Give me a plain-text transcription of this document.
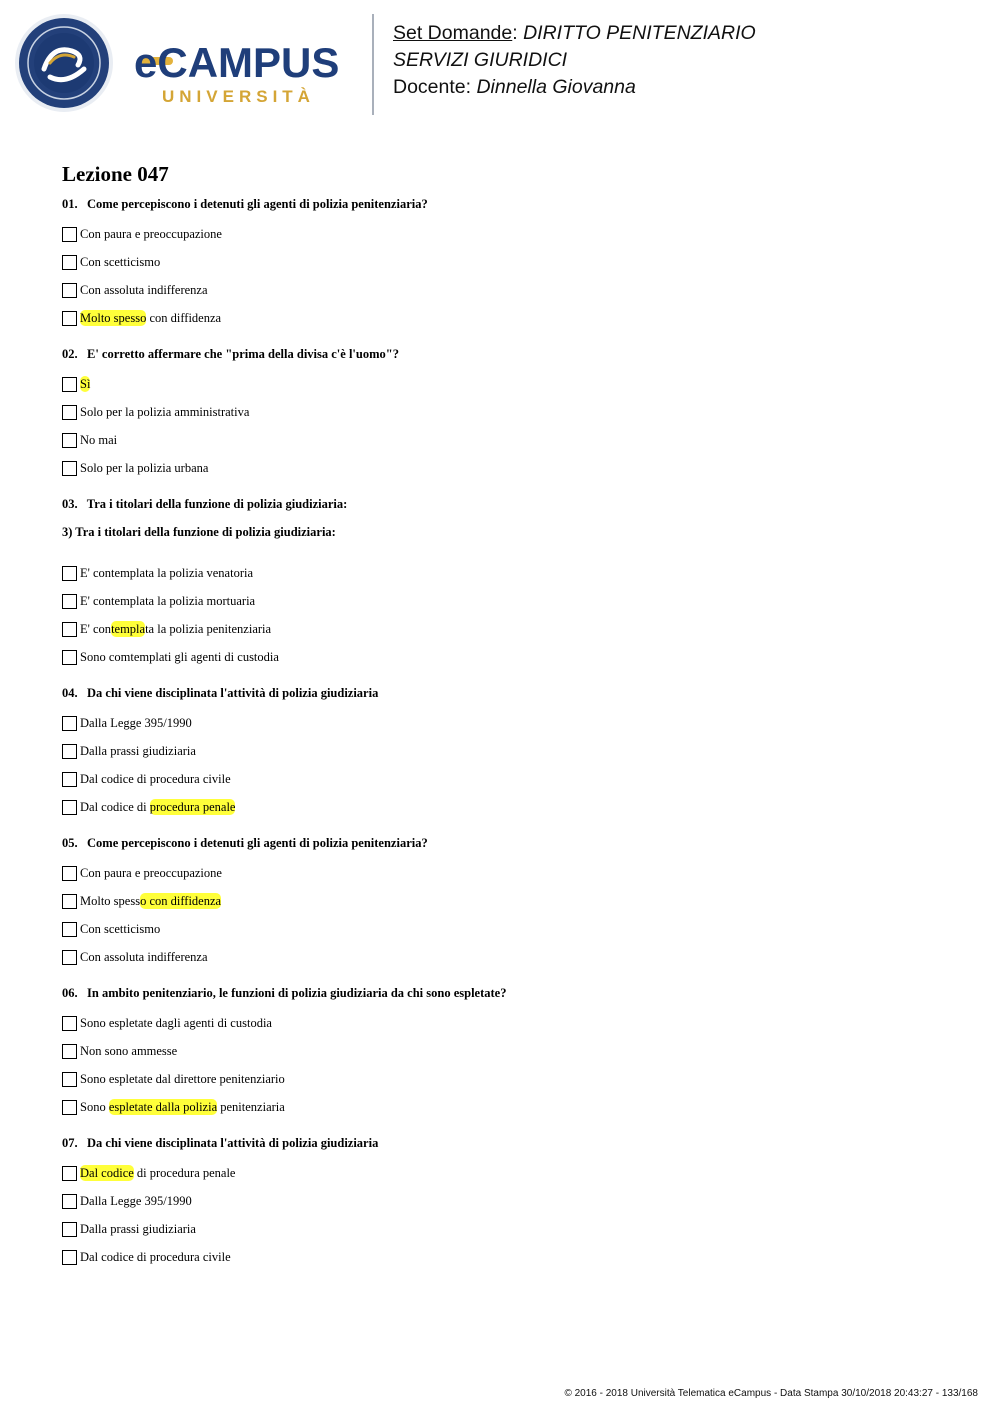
eCAMPUS
UNIVERSITÀ
Set Domande: DIRITTO PENITENZIARIO
SERVIZI GIURIDICI
Docente: Dinnella Giovanna
Lezione 047
01. Come percepiscono i detenuti gli agenti di polizia penitenziaria?
Con paura e preoccupazione
Con scetticismo
Con assoluta indifferenza
Molto spesso con diffidenza
02. E' corretto affermare che "prima della divisa c'è l'uomo"?
Sì
Solo per la polizia amministrativa
No mai
Solo per la polizia urbana
03. Tra i titolari della funzione di polizia giudiziaria:
3) Tra i titolari della funzione di polizia giudiziaria:
E' contemplata la polizia venatoria
E' contemplata la polizia mortuaria
E' contemplata la polizia penitenziaria
Sono comtemplati gli agenti di custodia
04. Da chi viene disciplinata l'attività di polizia giudiziaria
Dalla Legge 395/1990
Dalla prassi giudiziaria
Dal codice di procedura civile
Dal codice di procedura penale
05. Come percepiscono i detenuti gli agenti di polizia penitenziaria?
Con paura e preoccupazione
Molto spesso con diffidenza
Con scetticismo
Con assoluta indifferenza
06. In ambito penitenziario, le funzioni di polizia giudiziaria da chi sono espletate?
Sono espletate dagli agenti di custodia
Non sono ammesse
Sono espletate dal direttore penitenziario
Sono espletate dalla polizia penitenziaria
07. Da chi viene disciplinata l'attività di polizia giudiziaria
Dal codice di procedura penale
Dalla Legge 395/1990
Dalla prassi giudiziaria
Dal codice di procedura civile
© 2016 - 2018 Università Telematica eCampus - Data Stampa 30/10/2018 20:43:27 - 133/168
